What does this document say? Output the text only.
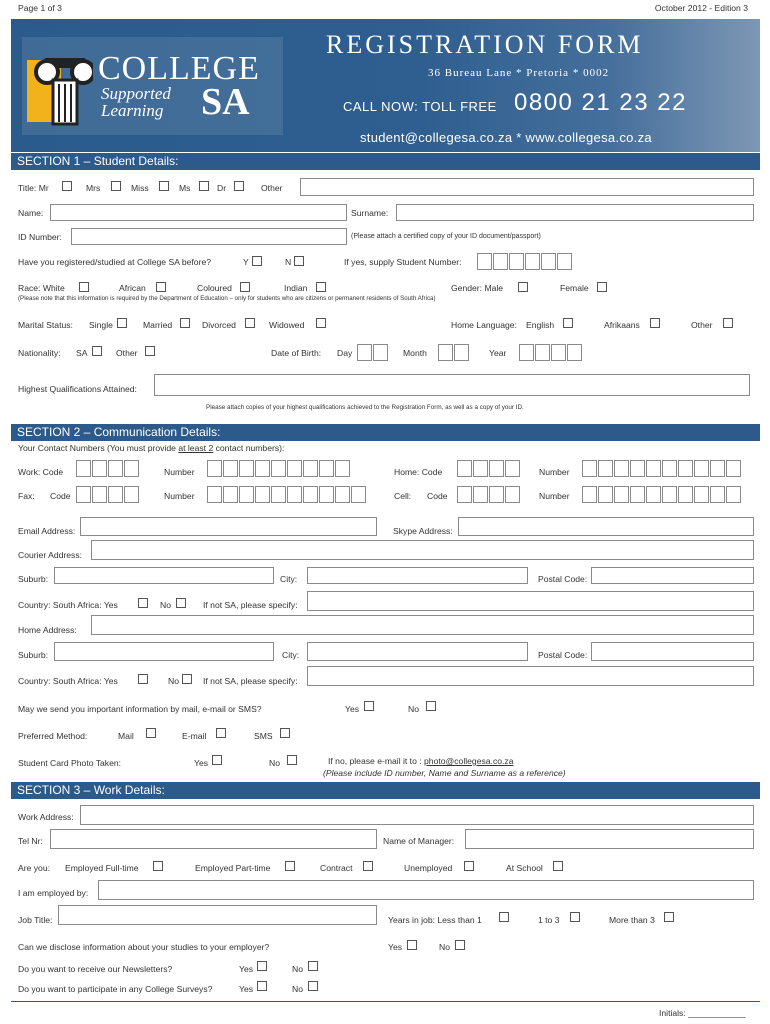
Page 1 of 3	October 2012 - Edition 3
COLLEGE
Supported
Learning SA
REGISTRATION FORM
36 Bureau Lane * Pretoria * 0002
CALL NOW: TOLL FREE 0800 21 23 22
student@collegesa.co.za * www.collegesa.co.za
SECTION 1 – Student Details:
Title: Mr	Mrs	Miss	Ms	Dr	Other
Name:	Surname:
ID Number:	(Please attach a certified copy of your ID document/passport)
Have you registered/studied at College SA before?	Y	N	If yes, supply Student Number:
Race: White	African	Coloured	Indian	Gender: Male	Female
(Please note that this information is required by the Department of Education – only for students who are citizens or permanent residents of South Africa)
Marital Status: Single	Married	Divorced	Widowed	Home Language: English	Afrikaans	Other
Nationality: SA	Other	Date of Birth: Day	Month	Year
Highest Qualifications Attained:
Please attach copies of your highest qualifications achieved to the Registration Form, as well as a copy of your ID.
SECTION 2 – Communication Details:
Your Contact Numbers (You must provide at least 2 contact numbers):
Work: Code	Number	Home: Code	Number
Fax: Code	Number	Cell: Code	Number
Email Address:	Skype Address:
Courier Address:
Suburb:	City:	Postal Code:
Country: South Africa: Yes	No	If not SA, please specify:
Home Address:
Suburb:	City:	Postal Code:
Country: South Africa: Yes	No	If not SA, please specify:
May we send you important information by mail, e-mail or SMS?	Yes	No
Preferred Method:	Mail	E-mail	SMS
Student Card Photo Taken:	Yes	No	If no, please e-mail it to : photo@collegesa.co.za
(Please include ID number, Name and Surname as a reference)
SECTION 3 – Work Details:
Work Address:
Tel Nr:	Name of Manager:
Are you: Employed Full-time	Employed Part-time	Contract	Unemployed	At School
I am employed by:
Job Title:	Years in job: Less than 1	1 to 3	More than 3
Can we disclose information about your studies to your employer?	Yes	No
Do you want to receive our Newsletters?	Yes	No
Do you want to participate in any College Surveys?	Yes	No
Initials: ____________
